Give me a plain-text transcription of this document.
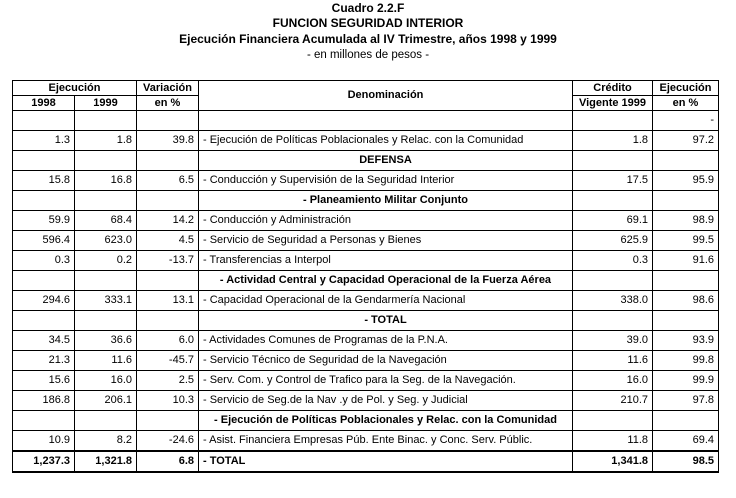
Cuadro 2.2.F
FUNCION SEGURIDAD INTERIOR
Ejecución Financiera Acumulada al IV Trimestre, años 1998 y 1999
- en millones de pesos -
Ejecución		Variación	Denominación	Crédito	Ejecución
1998	1999	en %		Vigente 1999	en %
					-
1.3	1.8	39.8	- Ejecución de Políticas Poblacionales y Relac. con la Comunidad	1.8	97.2
			DEFENSA		
15.8	16.8	6.5	- Conducción y Supervisión de la Seguridad Interior	17.5	95.9
			- Planeamiento Militar Conjunto		
59.9	68.4	14.2	- Conducción y Administración	69.1	98.9
596.4	623.0	4.5	- Servicio de Seguridad a Personas y Bienes	625.9	99.5
0.3	0.2	-13.7	- Transferencias a Interpol	0.3	91.6
			- Actividad Central y Capacidad Operacional de la Fuerza Aérea		
294.6	333.1	13.1	- Capacidad Operacional de la Gendarmería Nacional	338.0	98.6
			- TOTAL		
34.5	36.6	6.0	- Actividades Comunes de Programas de la P.N.A.	39.0	93.9
21.3	11.6	-45.7	- Servicio Técnico de Seguridad de la Navegación	11.6	99.8
15.6	16.0	2.5	- Serv. Com. y Control de Trafico para la Seg. de la Navegación.	16.0	99.9
186.8	206.1	10.3	- Servicio de Seg.de la Nav .y de Pol. y Seg. y Judicial	210.7	97.8
			- Ejecución de Políticas Poblacionales y Relac. con la Comunidad		
10.9	8.2	-24.6	- Asist. Financiera Empresas Púb. Ente Binac. y Conc. Serv. Públic.	11.8	69.4
1,237.3	1,321.8	6.8	- TOTAL	1,341.8	98.5
